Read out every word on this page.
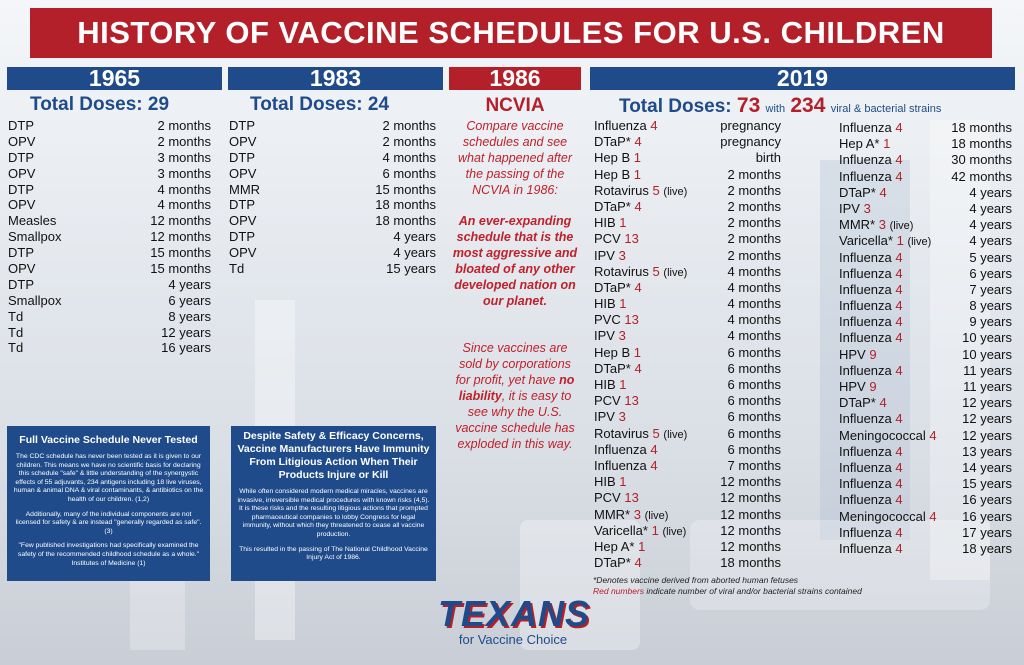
HISTORY OF VACCINE SCHEDULES FOR U.S. CHILDREN
1965	1983	1986	2019
Total Doses: 29	Total Doses: 24	NCVIA	Total Doses: 73 with 234 viral & bacterial strains
DTP	2 months
OPV	2 months
DTP	3 months
OPV	3 months
DTP	4 months
OPV	4 months
Measles	12 months
Smallpox	12 months
DTP	15 months
OPV	15 months
DTP	4 years
Smallpox	6 years
Td	8 years
Td	12 years
Td	16 years
DTP	2 months
OPV	2 months
DTP	4 months
OPV	6 months
MMR	15 months
DTP	18 months
OPV	18 months
DTP	4 years
OPV	4 years
Td	15 years
Influenza 4	pregnancy
DTaP* 4	pregnancy
Hep B 1	birth
Hep B 1	2 months
Rotavirus 5 (live)	2 months
DTaP* 4	2 months
HIB 1	2 months
PCV 13	2 months
IPV 3	2 months
Rotavirus 5 (live)	4 months
DTaP* 4	4 months
HIB 1	4 months
PVC 13	4 months
IPV 3	4 months
Hep B 1	6 months
DTaP* 4	6 months
HIB 1	6 months
PCV 13	6 months
IPV 3	6 months
Rotavirus 5 (live)	6 months
Influenza 4	6 months
Influenza 4	7 months
HIB 1	12 months
PCV 13	12 months
MMR* 3 (live)	12 months
Varicella* 1 (live)	12 months
Hep A* 1	12 months
DTaP* 4	18 months
Influenza 4	18 months
Hep A* 1	18 months
Influenza 4	30 months
Influenza 4	42 months
DTaP* 4	4 years
IPV 3	4 years
MMR* 3 (live)	4 years
Varicella* 1 (live)	4 years
Influenza 4	5 years
Influenza 4	6 years
Influenza 4	7 years
Influenza 4	8 years
Influenza 4	9 years
Influenza 4	10 years
HPV 9	10 years
Influenza 4	11 years
HPV 9	11 years
DTaP* 4	12 years
Influenza 4	12 years
Meningococcal 4 12 years
Influenza 4	13 years
Influenza 4	14 years
Influenza 4	15 years
Influenza 4	16 years
Meningococcal 4 16 years
Influenza 4	17 years
Influenza 4	18 years
Compare vaccine schedules and see what happened after the passing of the NCVIA in 1986:
An ever-expanding schedule that is the most aggressive and bloated of any other developed nation on our planet.
Since vaccines are sold by corporations for profit, yet have no liability, it is easy to see why the U.S. vaccine schedule has exploded in this way.
Full Vaccine Schedule Never Tested

The CDC schedule has never been tested as it is given to our children. This means we have no scientific basis for declaring this schedule "safe" & little understanding of the synergystic effects of 55 adjuvants, 234 antigens including 18 live viruses, human & animal DNA & viral contaminants, & antibiotics on the health of our children. (1,2)

Additionally, many of the individual components are not licensed for safety & are instead "generally regarded as safe". (3)

"Few published investigations had specifically examined the safety of the recommended childhood schedule as a whole." Institutes of Medicine (1)

Despite Safety & Efficacy Concerns, Vaccine Manufacturers Have Immunity From Litigious Action When Their Products Injure or Kill

While often considered modern medical miracles, vaccines are invasive, irreversible medical procedures with known risks (4,5). It is these risks and the resulting litigious actions that prompted pharmaceutical companies to lobby Congress for legal immunity, without which they threatened to cease all vaccine production.

This resulted in the passing of The National Childhood Vaccine Injury Act of 1986.

*Denotes vaccine derived from aborted human fetuses
Red numbers indicate number of viral and/or bacterial strains contained
TEXANS
for Vaccine Choice
